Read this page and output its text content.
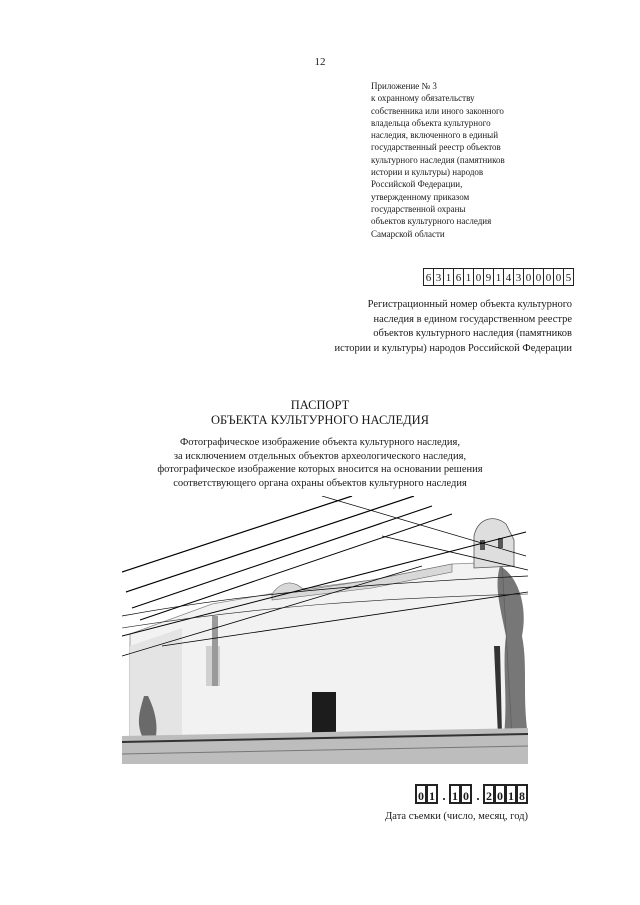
12
Приложение № 3
к охранному обязательству
собственника или иного законного
владельца объекта культурного
наследия, включенного в единый
государственный реестр объектов
культурного наследия (памятников
истории и культуры) народов
Российской Федерации,
утвержденному приказом
государственной охраны
объектов культурного наследия
Самарской области
6 3 1 6 1 0 9 1 4 3 0 0 0 0 5
Регистрационный номер объекта культурного
наследия в едином государственном реестре
объектов культурного наследия (памятников
истории и культуры) народов Российской Федерации
ПАСПОРТ
ОБЪЕКТА КУЛЬТУРНОГО НАСЛЕДИЯ
Фотографическое изображение объекта культурного наследия,
за исключением отдельных объектов археологического наследия,
фотографическое изображение которых вносится на основании решения
соответствующего органа охраны объектов культурного наследия
0 1 . 1 0 . 2 0 1 8
Дата съемки (число, месяц, год)
